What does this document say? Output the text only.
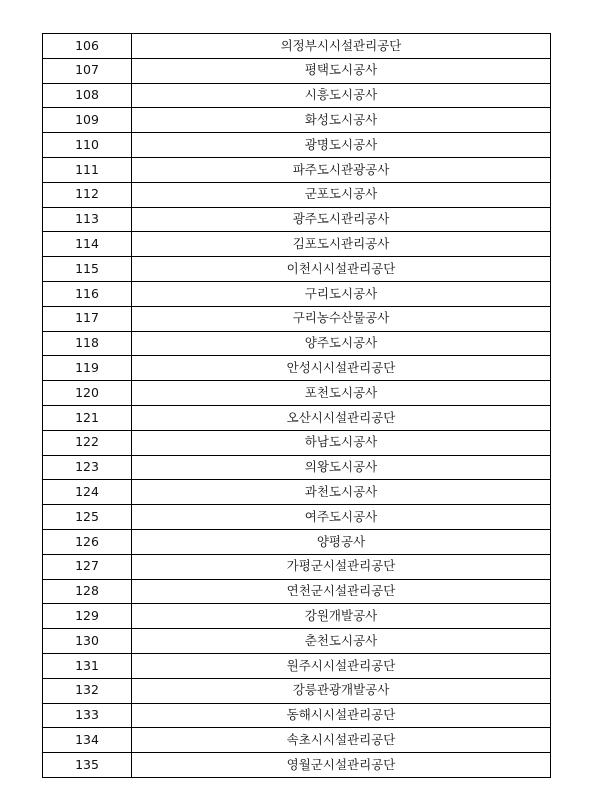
106	의정부시시설관리공단
107	평택도시공사
108	시흥도시공사
109	화성도시공사
110	광명도시공사
111	파주도시관광공사
112	군포도시공사
113	광주도시관리공사
114	김포도시관리공사
115	이천시시설관리공단
116	구리도시공사
117	구리농수산물공사
118	양주도시공사
119	안성시시설관리공단
120	포천도시공사
121	오산시시설관리공단
122	하남도시공사
123	의왕도시공사
124	과천도시공사
125	여주도시공사
126	양평공사
127	가평군시설관리공단
128	연천군시설관리공단
129	강원개발공사
130	춘천도시공사
131	원주시시설관리공단
132	강릉관광개발공사
133	동해시시설관리공단
134	속초시시설관리공단
135	영월군시설관리공단
